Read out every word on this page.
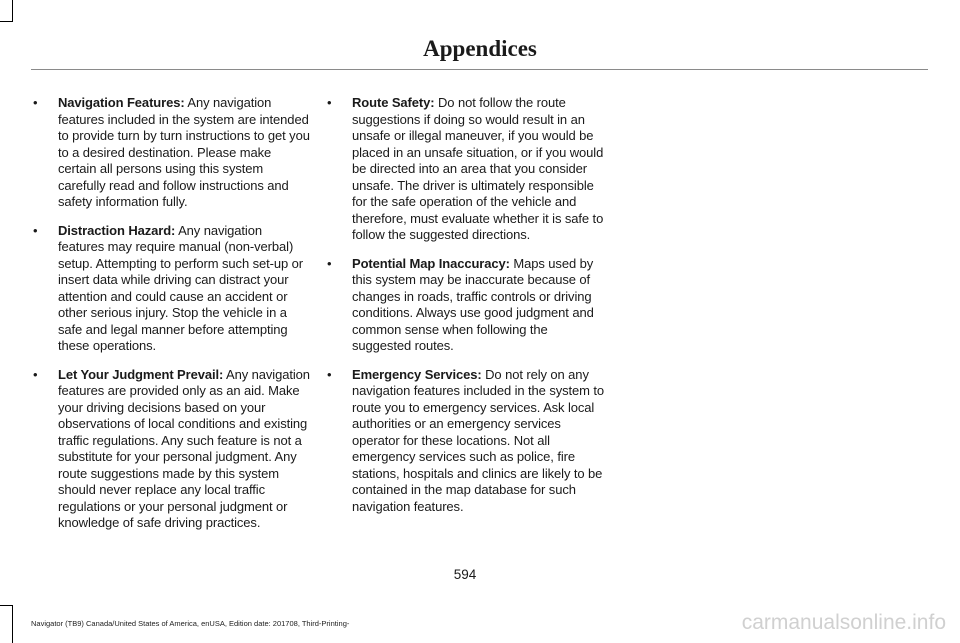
Appendices
• Navigation Features: Any navigation features included in the system are intended to provide turn by turn instructions to get you to a desired destination. Please make certain all persons using this system carefully read and follow instructions and safety information fully.
• Distraction Hazard: Any navigation features may require manual (non-verbal) setup. Attempting to perform such set-up or insert data while driving can distract your attention and could cause an accident or other serious injury. Stop the vehicle in a safe and legal manner before attempting these operations.
• Let Your Judgment Prevail: Any navigation features are provided only as an aid. Make your driving decisions based on your observations of local conditions and existing traffic regulations. Any such feature is not a substitute for your personal judgment. Any route suggestions made by this system should never replace any local traffic regulations or your personal judgment or knowledge of safe driving practices.
• Route Safety: Do not follow the route suggestions if doing so would result in an unsafe or illegal maneuver, if you would be placed in an unsafe situation, or if you would be directed into an area that you consider unsafe. The driver is ultimately responsible for the safe operation of the vehicle and therefore, must evaluate whether it is safe to follow the suggested directions.
• Potential Map Inaccuracy: Maps used by this system may be inaccurate because of changes in roads, traffic controls or driving conditions. Always use good judgment and common sense when following the suggested routes.
• Emergency Services: Do not rely on any navigation features included in the system to route you to emergency services. Ask local authorities or an emergency services operator for these locations. Not all emergency services such as police, fire stations, hospitals and clinics are likely to be contained in the map database for such navigation features.
594
Navigator (TB9) Canada/United States of America, enUSA, Edition date: 201708, Third-Printing-	carmanualsonline.info
